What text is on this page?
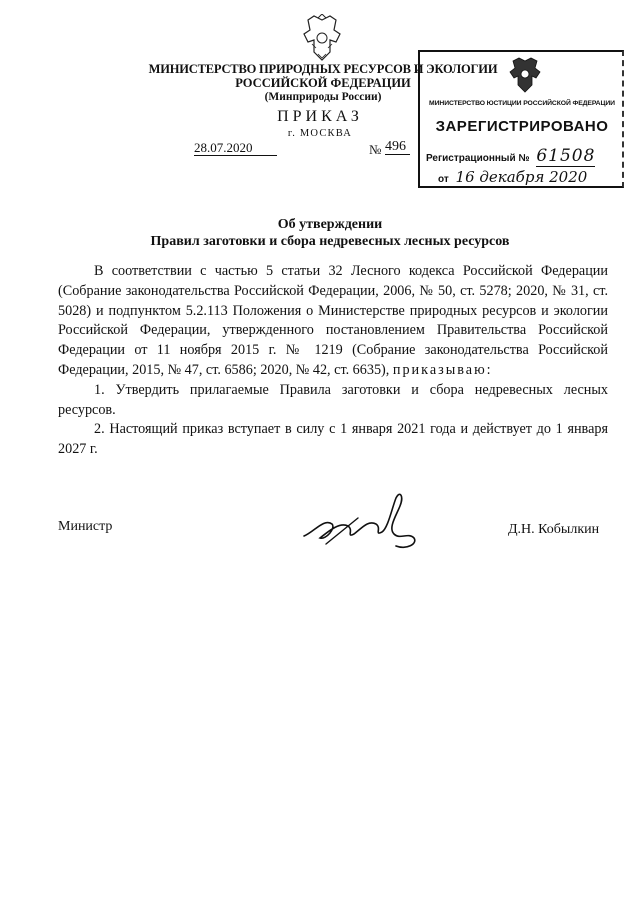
МИНИСТЕРСТВО ПРИРОДНЫХ РЕСУРСОВ И ЭКОЛОГИИ
РОССИЙСКОЙ ФЕДЕРАЦИИ
(Минприроды России)
ПРИКАЗ
г. МОСКВА
28.07.2020	№ 496
МИНИСТЕРСТВО ЮСТИЦИИ РОССИЙСКОЙ ФЕДЕРАЦИИ
ЗАРЕГИСТРИРОВАНО
Регистрационный № 61508
от 16 декабря 2020
Об утверждении
Правил заготовки и сбора недревесных лесных ресурсов

В соответствии с частью 5 статьи 32 Лесного кодекса Российской Федерации (Собрание законодательства Российской Федерации, 2006, № 50, ст. 5278; 2020, № 31, ст. 5028) и подпунктом 5.2.113 Положения о Министерстве природных ресурсов и экологии Российской Федерации, утвержденного постановлением Правительства Российской Федерации от 11 ноября 2015 г. № 1219 (Собрание законодательства Российской Федерации, 2015, № 47, ст. 6586; 2020, № 42, ст. 6635), приказываю:

1. Утвердить прилагаемые Правила заготовки и сбора недревесных лесных ресурсов.

2. Настоящий приказ вступает в силу с 1 января 2021 года и действует до 1 января 2027 г.

Министр	Д.Н. Кобылкин
